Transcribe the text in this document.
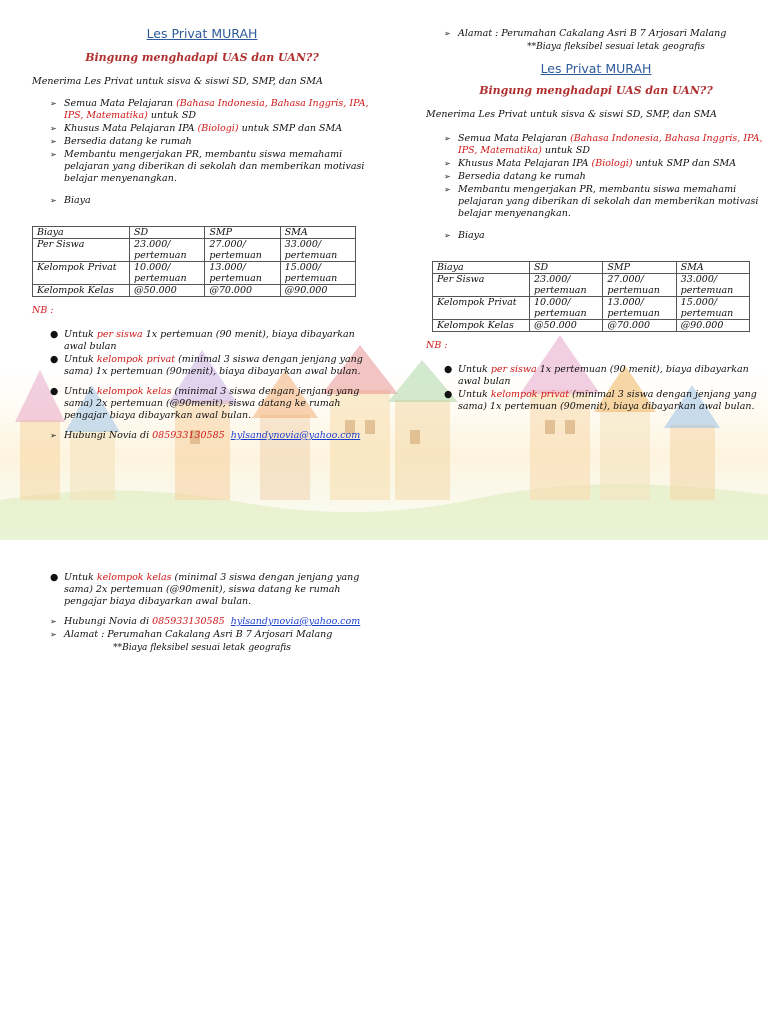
Les Privat MURAH

Bingung menghadapi UAS dan UAN??

Menerima Les Privat untuk sisva & siswi SD, SMP, dan SMA

➢ Semua Mata Pelajaran (Bahasa Indonesia, Bahasa Inggris, IPA, IPS, Matematika) untuk SD
➢ Khusus Mata Pelajaran IPA (Biologi) untuk SMP dan SMA
➢ Bersedia datang ke rumah
➢ Membantu mengerjakan PR, membantu siswa memahami pelajaran yang diberikan di sekolah dan memberikan motivasi belajar menyenangkan.
➢ Biaya
Biaya	SD	SMP	SMA
Per Siswa	23.000/ pertemuan	27.000/ pertemuan	33.000/ pertemuan
Kelompok Privat	10.000/ pertemuan	13.000/ pertemuan	15.000/ pertemuan
Kelompok Kelas	@50.000	@70.000	@90.000

NB :

● Untuk per siswa 1x pertemuan (90 menit), biaya dibayarkan awal bulan
● Untuk kelompok privat (minimal 3 siswa dengan jenjang yang sama) 1x pertemuan (90menit), biaya dibayarkan awal bulan.
● Untuk kelompok kelas (minimal 3 siswa dengan jenjang yang sama) 2x pertemuan (@90menit), siswa datang ke rumah pengajar biaya dibayarkan awal bulan.
➢ Hubungi Novia di 085933130585 hylsandynovia@yahoo.com
➢ Alamat : Perumahan Cakalang Asri B 7 Arjosari Malang

**Biaya fleksibel sesuai letak geografis

Les Privat MURAH

Bingung menghadapi UAS dan UAN??

Menerima Les Privat untuk sisva & siswi SD, SMP, dan SMA

➢ Semua Mata Pelajaran (Bahasa Indonesia, Bahasa Inggris, IPA, IPS, Matematika) untuk SD
➢ Khusus Mata Pelajaran IPA (Biologi) untuk SMP dan SMA
➢ Bersedia datang ke rumah
➢ Membantu mengerjakan PR, membantu siswa memahami pelajaran yang diberikan di sekolah dan memberikan motivasi belajar menyenangkan.
➢ Biaya
Biaya	SD	SMP	SMA
Per Siswa	23.000/ pertemuan	27.000/ pertemuan	33.000/ pertemuan
Kelompok Privat	10.000/ pertemuan	13.000/ pertemuan	15.000/ pertemuan
Kelompok Kelas	@50.000	@70.000	@90.000

NB :

● Untuk per siswa 1x pertemuan (90 menit), biaya dibayarkan awal bulan
● Untuk kelompok privat (minimal 3 siswa dengan jenjang yang sama) 1x pertemuan (90menit), biaya dibayarkan awal bulan.
● Untuk kelompok kelas (minimal 3 siswa dengan jenjang yang sama) 2x pertemuan (@90menit), siswa datang ke rumah pengajar biaya dibayarkan awal bulan.
➢ Hubungi Novia di 085933130585 hylsandynovia@yahoo.com
➢ Alamat : Perumahan Cakalang Asri B 7 Arjosari Malang

**Biaya fleksibel sesuai letak geografis
